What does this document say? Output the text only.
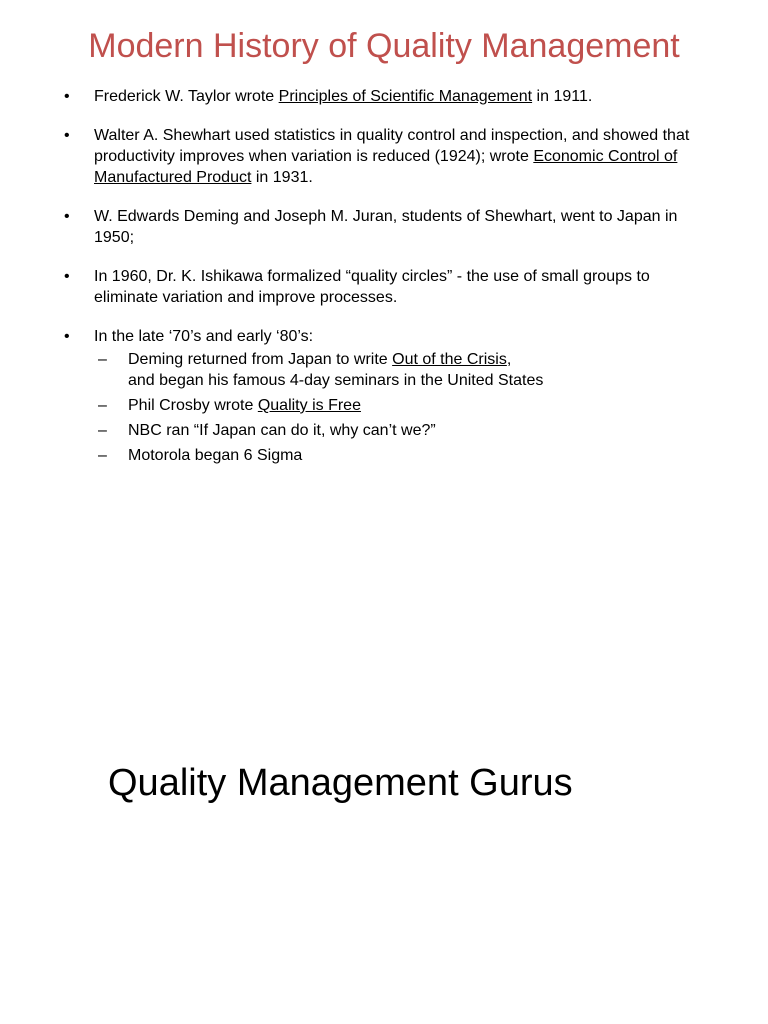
Modern History of Quality Management
•	Frederick W. Taylor wrote Principles of Scientific Management in 1911.
•	Walter A. Shewhart used statistics in quality control and inspection, and showed that productivity improves when variation is reduced (1924); wrote Economic Control of Manufactured Product in 1931.
•	W. Edwards Deming and Joseph M. Juran, students of Shewhart, went to Japan in 1950;
•	In 1960, Dr. K. Ishikawa formalized “quality circles” - the use of small groups to eliminate variation and improve processes.
•	In the late ‘70’s and early ‘80’s:
– Deming returned from Japan to write Out of the Crisis,
and began his famous 4-day seminars in the United States
– Phil Crosby wrote Quality is Free
– NBC ran “If Japan can do it, why can’t we?”
– Motorola began 6 Sigma
Quality Management Gurus
